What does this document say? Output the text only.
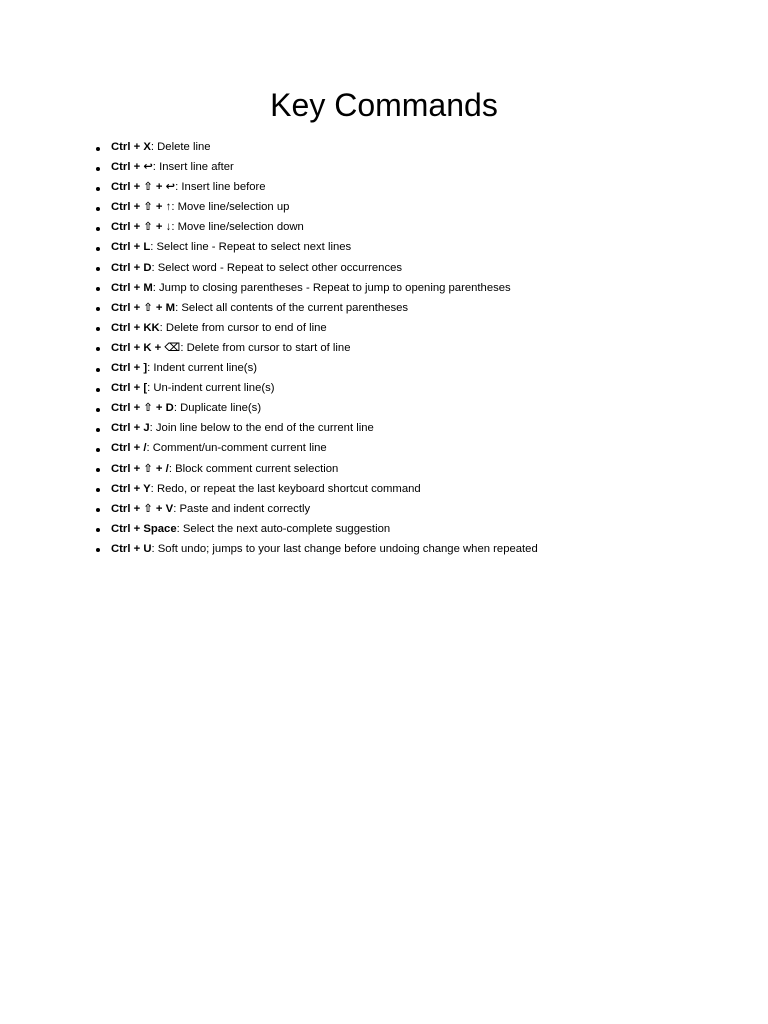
Key Commands
Ctrl + X: Delete line
Ctrl + ↩: Insert line after
Ctrl + ⇧ + ↩: Insert line before
Ctrl + ⇧ + ↑: Move line/selection up
Ctrl + ⇧ + ↓: Move line/selection down
Ctrl + L: Select line - Repeat to select next lines
Ctrl + D: Select word - Repeat to select other occurrences
Ctrl + M: Jump to closing parentheses - Repeat to jump to opening parentheses
Ctrl + ⇧ + M: Select all contents of the current parentheses
Ctrl + KK: Delete from cursor to end of line
Ctrl + K + ⌫: Delete from cursor to start of line
Ctrl + ]: Indent current line(s)
Ctrl + [: Un-indent current line(s)
Ctrl + ⇧ + D: Duplicate line(s)
Ctrl + J: Join line below to the end of the current line
Ctrl + /: Comment/un-comment current line
Ctrl + ⇧ + /: Block comment current selection
Ctrl + Y: Redo, or repeat the last keyboard shortcut command
Ctrl + ⇧ + V: Paste and indent correctly
Ctrl + Space: Select the next auto-complete suggestion
Ctrl + U: Soft undo; jumps to your last change before undoing change when repeated
